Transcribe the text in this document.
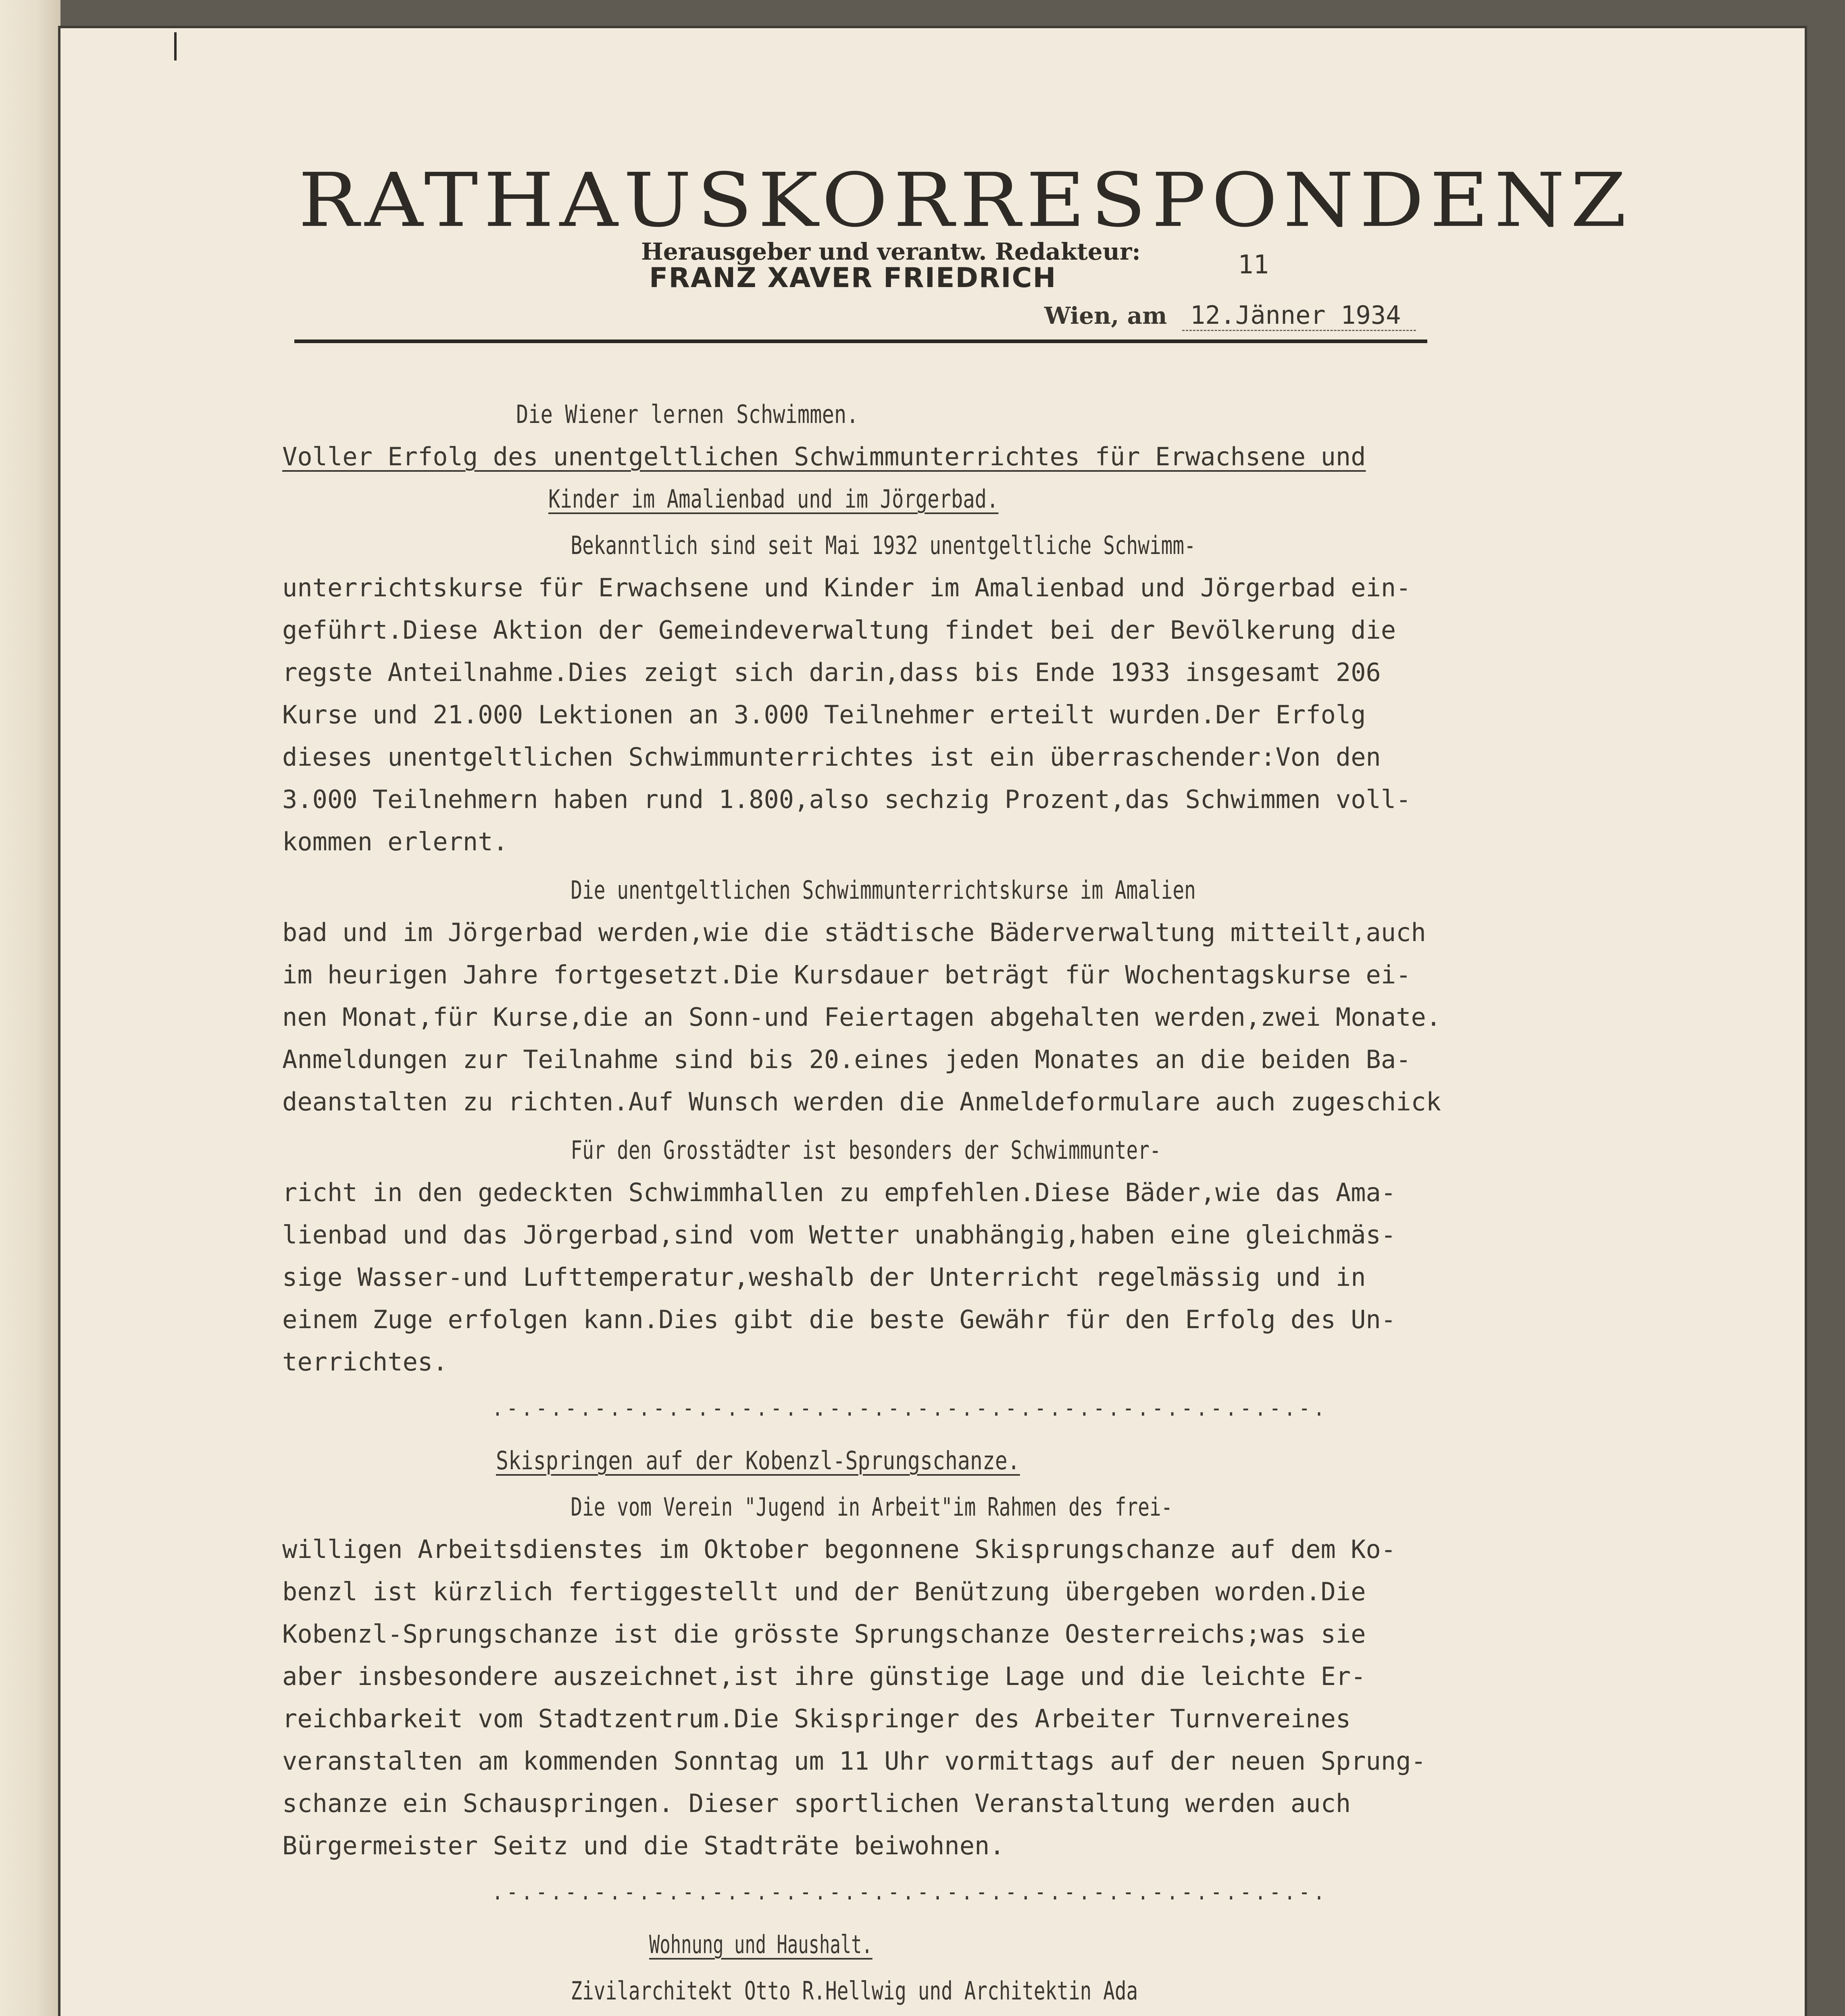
RATHAUSKORRESPONDENZ
Herausgeber und verantw. Redakteur:
FRANZ XAVER FRIEDRICH	11
Wien, am 12.Jänner 1934
Die Wiener lernen Schwimmen.
Voller Erfolg des unentgeltlichen Schwimmunterrichtes für Erwachsene und
Kinder im Amalienbad und im Jörgerbad.
Bekanntlich sind seit Mai 1932 unentgeltliche Schwimm-
unterrichtskurse für Erwachsene und Kinder im Amalienbad und Jörgerbad ein-
geführt.Diese Aktion der Gemeindeverwaltung findet bei der Bevölkerung die
regste Anteilnahme.Dies zeigt sich darin,dass bis Ende 1933 insgesamt 206
Kurse und 21.000 Lektionen an 3.000 Teilnehmer erteilt wurden.Der Erfolg
dieses unentgeltlichen Schwimmunterrichtes ist ein überraschender:Von den
3.000 Teilnehmern haben rund 1.800,also sechzig Prozent,das Schwimmen voll-
kommen erlernt.
Die unentgeltlichen Schwimmunterrichtskurse im Amalien
bad und im Jörgerbad werden,wie die städtische Bäderverwaltung mitteilt,auch
im heurigen Jahre fortgesetzt.Die Kursdauer beträgt für Wochentagskurse ei-
nen Monat,für Kurse,die an Sonn-und Feiertagen abgehalten werden,zwei Monate.
Anmeldungen zur Teilnahme sind bis 20.eines jeden Monates an die beiden Ba-
deanstalten zu richten.Auf Wunsch werden die Anmeldeformulare auch zugeschick
Für den Grosstädter ist besonders der Schwimmunter-
richt in den gedeckten Schwimmhallen zu empfehlen.Diese Bäder,wie das Ama-
lienbad und das Jörgerbad,sind vom Wetter unabhängig,haben eine gleichmäs-
sige Wasser-und Lufttemperatur,weshalb der Unterricht regelmässig und in
einem Zuge erfolgen kann.Dies gibt die beste Gewähr für den Erfolg des Un-
terrichtes.
.-.-.-.-.-.-.-.-.-.-.-.-.-.-.-.-.-.-.-.-.-.-.-.-.-.-.-.-.
Skispringen auf der Kobenzl-Sprungschanze.
Die vom Verein "Jugend in Arbeit"im Rahmen des frei-
willigen Arbeitsdienstes im Oktober begonnene Skisprungschanze auf dem Ko-
benzl ist kürzlich fertiggestellt und der Benützung übergeben worden.Die
Kobenzl-Sprungschanze ist die grösste Sprungschanze Oesterreichs;was sie
aber insbesondere auszeichnet,ist ihre günstige Lage und die leichte Er-
reichbarkeit vom Stadtzentrum.Die Skispringer des Arbeiter Turnvereines
veranstalten am kommenden Sonntag um 11 Uhr vormittags auf der neuen Sprung-
schanze ein Schauspringen. Dieser sportlichen Veranstaltung werden auch
Bürgermeister Seitz und die Stadträte beiwohnen.
.-.-.-.-.-.-.-.-.-.-.-.-.-.-.-.-.-.-.-.-.-.-.-.-.-.-.-.-.
Wohnung und Haushalt.
Zivilarchitekt Otto R.Hellwig und Architektin Ada
